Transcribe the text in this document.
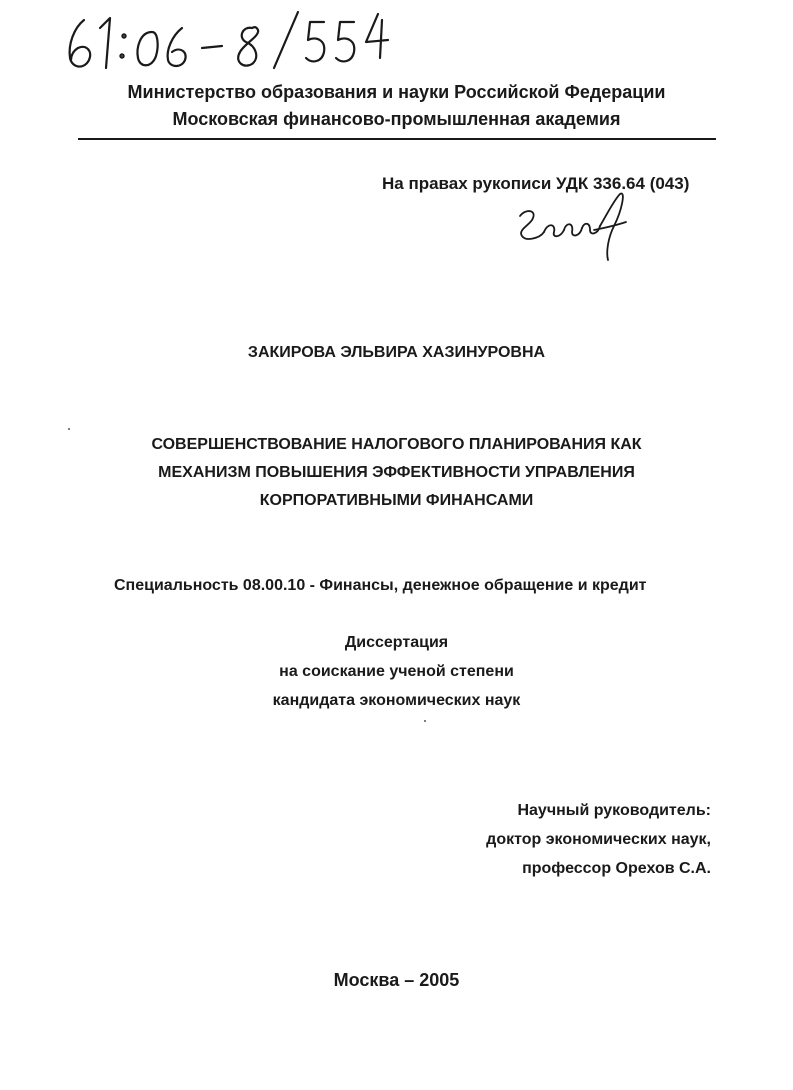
Министерство образования и науки Российской Федерации
Московская финансово-промышленная академия
На правах рукописи УДК 336.64 (043)
ЗАКИРОВА ЭЛЬВИРА ХАЗИНУРОВНА
СОВЕРШЕНСТВОВАНИЕ НАЛОГОВОГО ПЛАНИРОВАНИЯ КАК
МЕХАНИЗМ ПОВЫШЕНИЯ ЭФФЕКТИВНОСТИ УПРАВЛЕНИЯ
КОРПОРАТИВНЫМИ ФИНАНСАМИ
Специальность 08.00.10 - Финансы, денежное обращение и кредит
Диссертация
на соискание ученой степени
кандидата экономических наук
Научный руководитель:
доктор экономических наук,
профессор Орехов С.А.
Москва – 2005
